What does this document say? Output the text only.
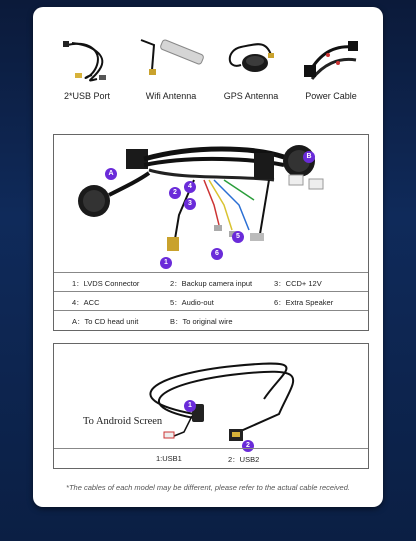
2*USB Port	Wifi Antenna	GPS Antenna	Power Cable
A
B
1
2
3
4
5
6
1：LVDS Connector	2：Backup camera input	3：CCD+ 12V
4：ACC	5：Audio-out	6：Extra Speaker
A：To CD head unit	B：To original wire
1
2
1:USB1	2：USB2
To Android Screen
*The cables of each model may be different, please refer to the actual cable received.
